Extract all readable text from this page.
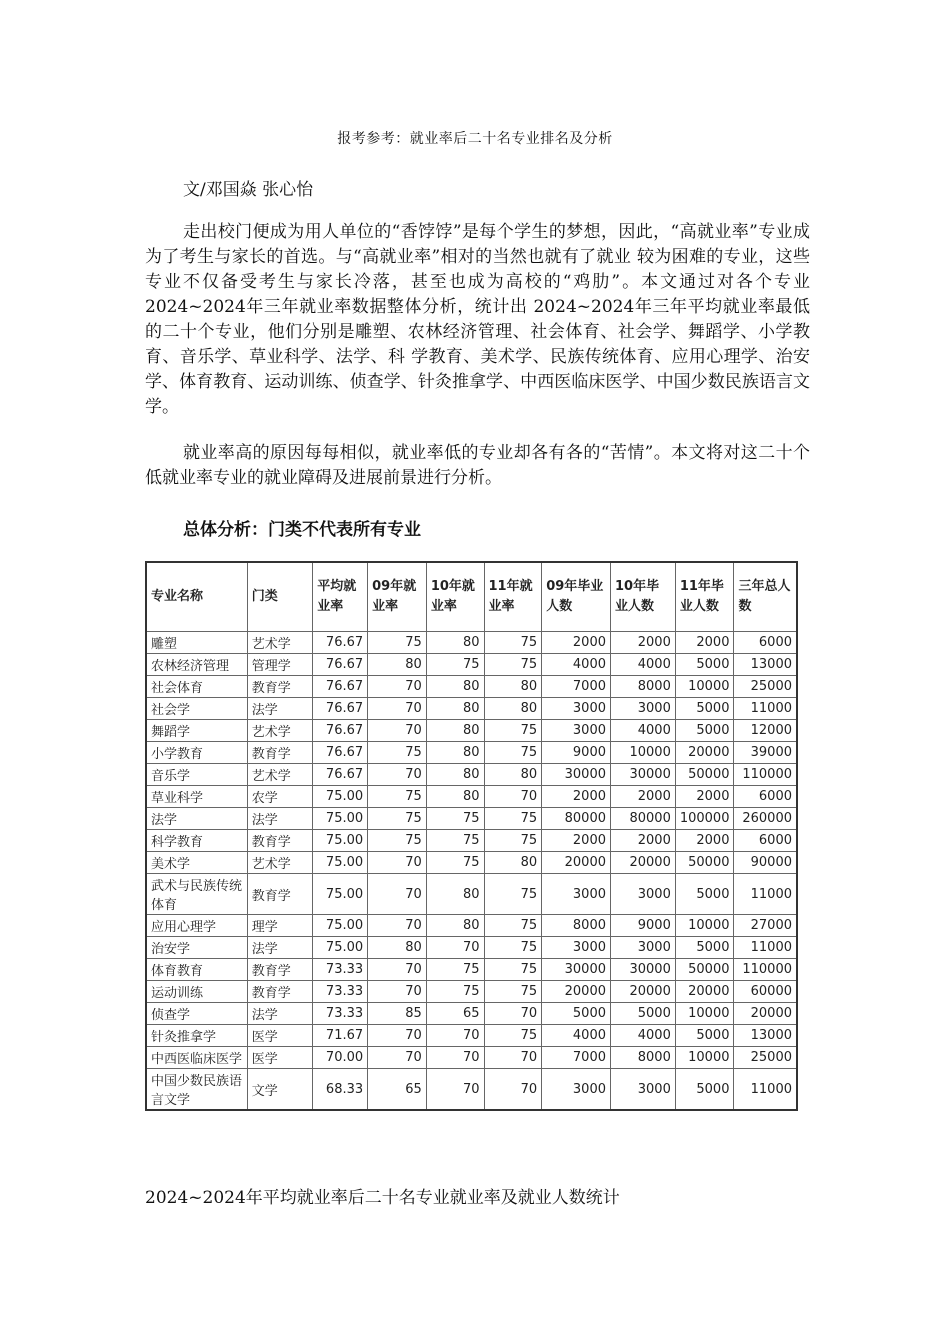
报考参考：就业率后二十名专业排名及分析
文/邓国焱 张心怡

走出校门便成为用人单位的“香饽饽”是每个学生的梦想，因此，“高就业率”专业成为了考生与家长的首选。与“高就业率”相对的当然也就有了就业 较为困难的专业，这些专业不仅备受考生与家长冷落，甚至也成为高校的“鸡肋”。本文通过对各个专业2024~2024年三年就业率数据整体分析，统计出 2024~2024年三年平均就业率最低的二十个专业，他们分别是雕塑、农林经济管理、社会体育、社会学、舞蹈学、小学教育、音乐学、草业科学、法学、科 学教育、美术学、民族传统体育、应用心理学、治安学、体育教育、运动训练、侦查学、针灸推拿学、中西医临床医学、中国少数民族语言文学。

就业率高的原因每每相似，就业率低的专业却各有各的“苦情”。本文将对这二十个低就业率专业的就业障碍及进展前景进行分析。

总体分析：门类不代表所有专业
专业名称	门类	平均就业率	09年就业率	10年就业率	11年就业率	09年毕业人数	10年毕业人数	11年毕业人数	三年总人数
雕塑	艺术学	76.67	75	80	75	2000	2000	2000	6000
农林经济管理	管理学	76.67	80	75	75	4000	4000	5000	13000
社会体育	教育学	76.67	70	80	80	7000	8000	10000	25000
社会学	法学	76.67	70	80	80	3000	3000	5000	11000
舞蹈学	艺术学	76.67	70	80	75	3000	4000	5000	12000
小学教育	教育学	76.67	75	80	75	9000	10000	20000	39000
音乐学	艺术学	76.67	70	80	80	30000	30000	50000	110000
草业科学	农学	75.00	75	80	70	2000	2000	2000	6000
法学	法学	75.00	75	75	75	80000	80000	100000	260000
科学教育	教育学	75.00	75	75	75	2000	2000	2000	6000
美术学	艺术学	75.00	70	75	80	20000	20000	50000	90000
武术与民族传统体育	教育学	75.00	70	80	75	3000	3000	5000	11000
应用心理学	理学	75.00	70	80	75	8000	9000	10000	27000
治安学	法学	75.00	80	70	75	3000	3000	5000	11000
体育教育	教育学	73.33	70	75	75	30000	30000	50000	110000
运动训练	教育学	73.33	70	75	75	20000	20000	20000	60000
侦查学	法学	73.33	85	65	70	5000	5000	10000	20000
针灸推拿学	医学	71.67	70	70	75	4000	4000	5000	13000
中西医临床医学	医学	70.00	70	70	70	7000	8000	10000	25000
中国少数民族语言文学	文学	68.33	65	70	70	3000	3000	5000	11000
2024~2024年平均就业率后二十名专业就业率及就业人数统计
